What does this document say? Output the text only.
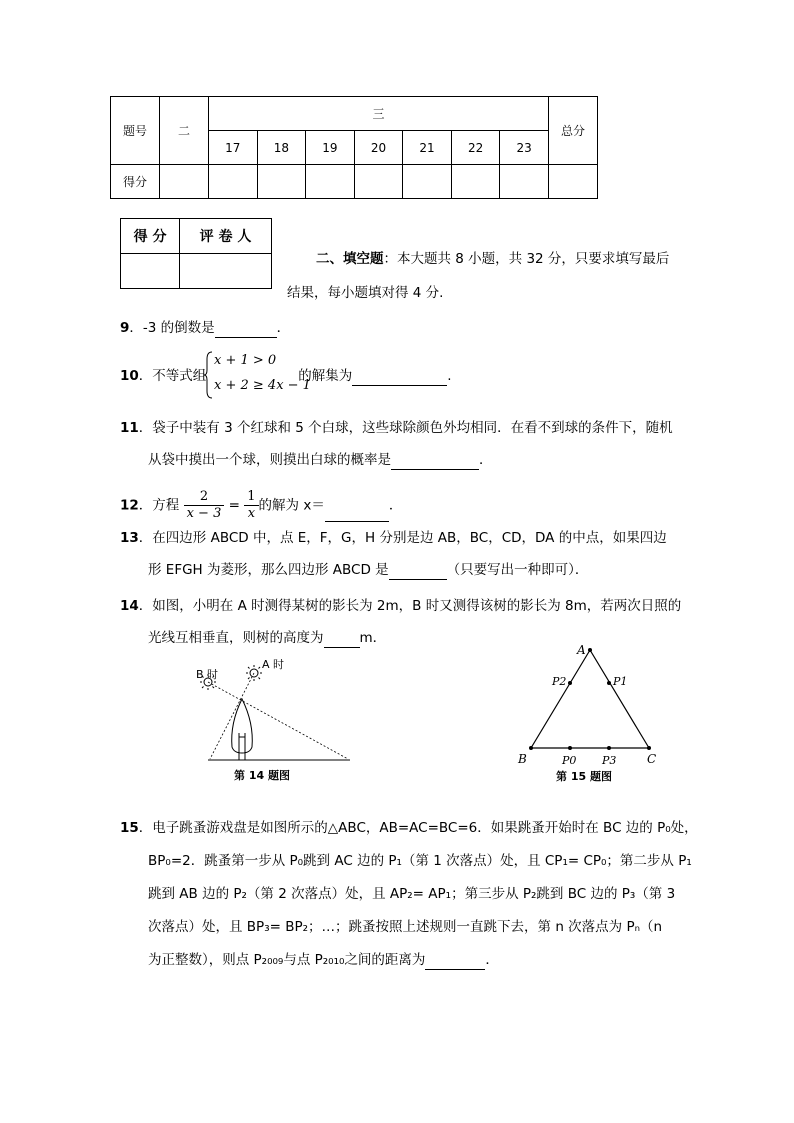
题号	二	三							总分
		17	18	19	20	21	22	23	
得分									
得 分	评 卷 人

二、填空题：本大题共 8 小题，共 32 分，只要求填写最后
结果，每小题填对得 4 分.
9．-3 的倒数是	．
10．不等式组	的解集为	.
x + 1 > 0
x + 2 ≥ 4x − 1
11．袋子中装有 3 个红球和 5 个白球，这些球除颜色外均相同．在看不到球的条件下，随机
从袋中摸出一个球，则摸出白球的概率是	．
12．方程 $\frac{2}{x - 3} = \frac{1}{x}$ 的解为 x＝	．
13．在四边形 ABCD 中，点 E，F，G，H 分别是边 AB，BC，CD，DA 的中点，如果四边
形 EFGH 为菱形，那么四边形 ABCD 是	（只要写出一种即可）．
14．如图，小明在 A 时测得某树的影长为 2m，B 时又测得该树的影长为 8m，若两次日照的
光线互相垂直，则树的高度为	m．
B 时
A 时
第 14 题图
A
B	C
P2	P1
P0 P3
第 15 题图
15．电子跳蚤游戏盘是如图所示的△ABC，AB=AC=BC=6．如果跳蚤开始时在 BC 边的 P₀处，
BP₀=2．跳蚤第一步从 P₀跳到 AC 边的 P₁（第 1 次落点）处，且 CP₁= CP₀；第二步从 P₁
跳到 AB 边的 P₂（第 2 次落点）处，且 AP₂= AP₁；第三步从 P₂跳到 BC 边的 P₃（第 3
次落点）处，且 BP₃= BP₂；…；跳蚤按照上述规则一直跳下去，第 n 次落点为 Pₙ（n
为正整数），则点 P₂₀₀₉与点 P₂₀₁₀之间的距离为	．
